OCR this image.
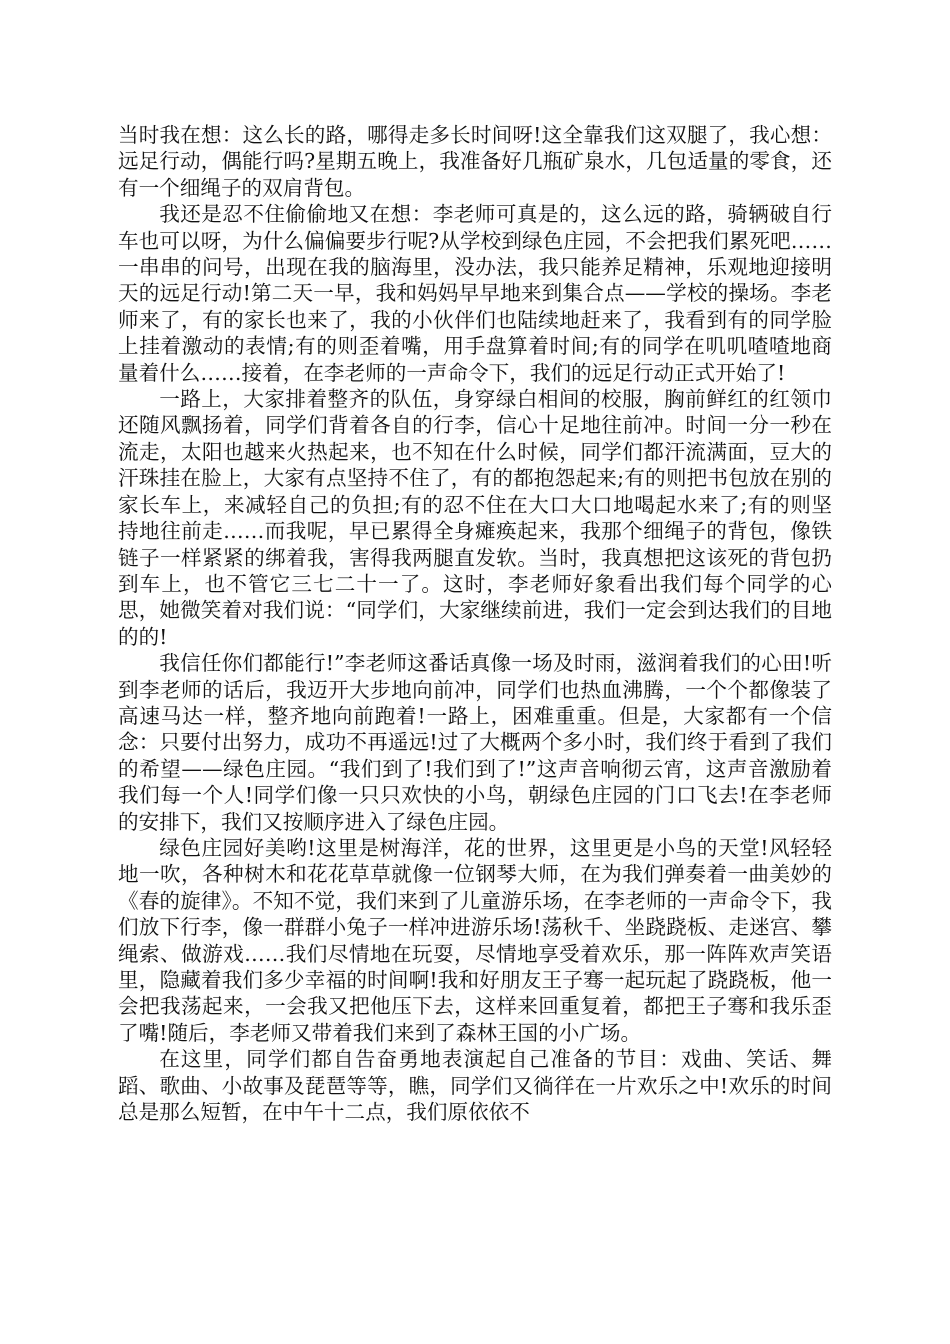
当时我在想：这么长的路，哪得走多长时间呀!这全靠我们这双腿了，我心想：远足行动，偶能行吗?星期五晚上，我准备好几瓶矿泉水，几包适量的零食，还有一个细绳子的双肩背包。

我还是忍不住偷偷地又在想：李老师可真是的，这么远的路，骑辆破自行车也可以呀，为什么偏偏要步行呢?从学校到绿色庄园，不会把我们累死吧……一串串的问号，出现在我的脑海里，没办法，我只能养足精神，乐观地迎接明天的远足行动!第二天一早，我和妈妈早早地来到集合点——学校的操场。李老师来了，有的家长也来了，我的小伙伴们也陆续地赶来了，我看到有的同学脸上挂着激动的表情;有的则歪着嘴，用手盘算着时间;有的同学在叽叽喳喳地商量着什么……接着，在李老师的一声命令下，我们的远足行动正式开始了!

一路上，大家排着整齐的队伍，身穿绿白相间的校服，胸前鲜红的红领巾还随风飘扬着，同学们背着各自的行李，信心十足地往前冲。时间一分一秒在流走，太阳也越来火热起来，也不知在什么时候，同学们都汗流满面，豆大的汗珠挂在脸上，大家有点坚持不住了，有的都抱怨起来;有的则把书包放在别的家长车上，来减轻自己的负担;有的忍不住在大口大口地喝起水来了;有的则坚持地往前走……而我呢，早已累得全身瘫痪起来，我那个细绳子的背包，像铁链子一样紧紧的绑着我，害得我两腿直发软。当时，我真想把这该死的背包扔到车上，也不管它三七二十一了。这时，李老师好象看出我们每个同学的心思，她微笑着对我们说：“同学们，大家继续前进，我们一定会到达我们的目地的的!

我信任你们都能行!”李老师这番话真像一场及时雨，滋润着我们的心田!听到李老师的话后，我迈开大步地向前冲，同学们也热血沸腾，一个个都像装了高速马达一样，整齐地向前跑着!一路上，困难重重。但是，大家都有一个信念：只要付出努力，成功不再遥远!过了大概两个多小时，我们终于看到了我们的希望——绿色庄园。“我们到了!我们到了!”这声音响彻云宵，这声音激励着我们每一个人!同学们像一只只欢快的小鸟，朝绿色庄园的门口飞去!在李老师的安排下，我们又按顺序进入了绿色庄园。

绿色庄园好美哟!这里是树海洋，花的世界，这里更是小鸟的天堂!风轻轻地一吹，各种树木和花花草草就像一位钢琴大师，在为我们弹奏着一曲美妙的《春的旋律》。不知不觉，我们来到了儿童游乐场，在李老师的一声命令下，我们放下行李，像一群群小兔子一样冲进游乐场!荡秋千、坐跷跷板、走迷宫、攀绳索、做游戏……我们尽情地在玩耍，尽情地享受着欢乐，那一阵阵欢声笑语里，隐藏着我们多少幸福的时间啊!我和好朋友王子骞一起玩起了跷跷板，他一会把我荡起来，一会我又把他压下去，这样来回重复着，都把王子骞和我乐歪了嘴!随后，李老师又带着我们来到了森林王国的小广场。

在这里，同学们都自告奋勇地表演起自己准备的节目：戏曲、笑话、舞蹈、歌曲、小故事及琵琶等等，瞧，同学们又徜徉在一片欢乐之中!欢乐的时间总是那么短暂，在中午十二点，我们原依依不
